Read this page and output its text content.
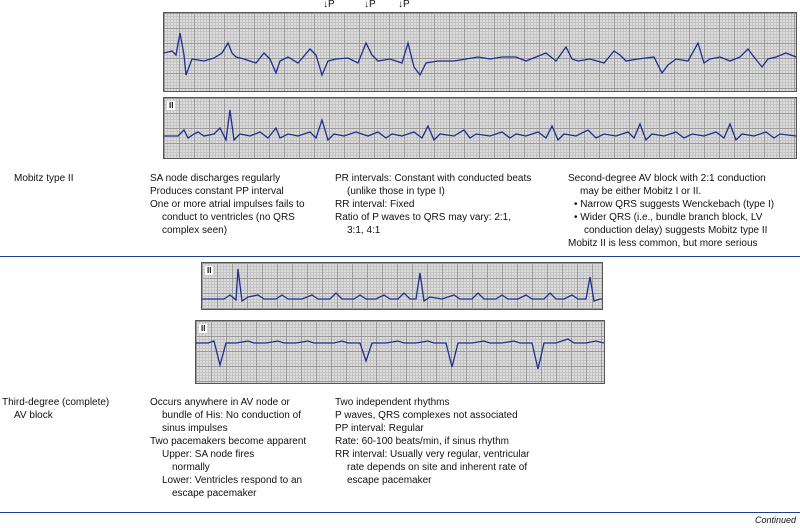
↓P	↓P ↓P
II
Mobitz type II	SA node discharges regularly
Produces constant PP interval
One or more atrial impulses fails to
conduct to ventricles (no QRS
complex seen)
PR intervals: Constant with conducted beats
(unlike those in type I)
RR interval: Fixed
Ratio of P waves to QRS may vary: 2:1,
3:1, 4:1
Second-degree AV block with 2:1 conduction
may be either Mobitz I or II.
• Narrow QRS suggests Wenckebach (type I)
• Wider QRS (i.e., bundle branch block, LV
conduction delay) suggests Mobitz type II
Mobitz II is less common, but more serious
II
II
Third-degree (complete)
AV block
Occurs anywhere in AV node or
bundle of His: No conduction of
sinus impulses
Two pacemakers become apparent
Upper: SA node fires
normally
Lower: Ventricles respond to an
escape pacemaker
Two independent rhythms
P waves, QRS complexes not associated
PP interval: Regular
Rate: 60-100 beats/min, if sinus rhythm
RR interval: Usually very regular, ventricular
rate depends on site and inherent rate of
escape pacemaker
Continued
